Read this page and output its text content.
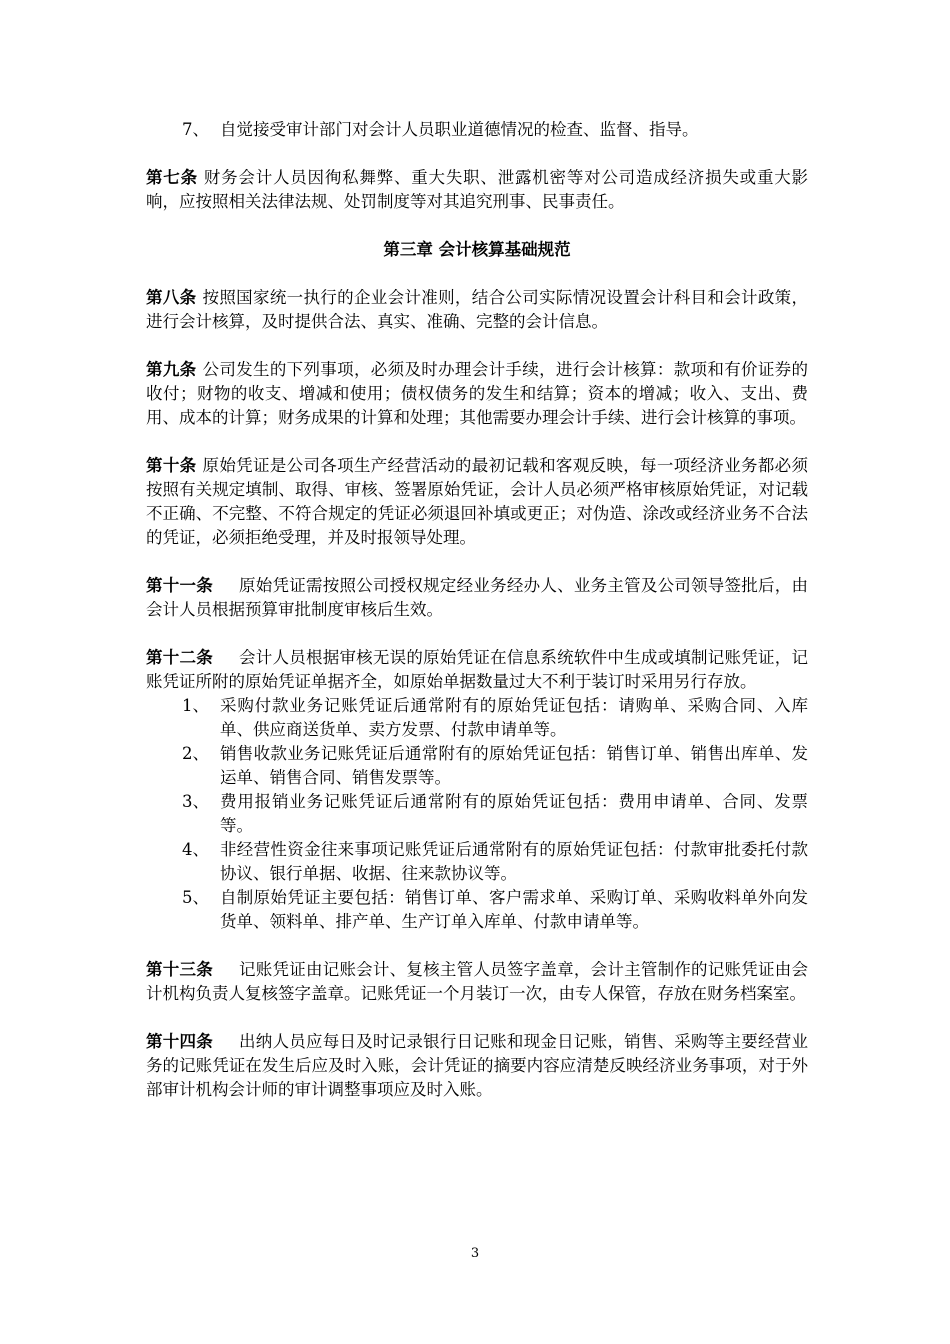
7、 自觉接受审计部门对会计人员职业道德情况的检查、监督、指导。

第七条 财务会计人员因徇私舞弊、重大失职、泄露机密等对公司造成经济损失或重大影响，应按照相关法律法规、处罚制度等对其追究刑事、民事责任。

第三章 会计核算基础规范

第八条 按照国家统一执行的企业会计准则，结合公司实际情况设置会计科目和会计政策，进行会计核算，及时提供合法、真实、准确、完整的会计信息。

第九条 公司发生的下列事项，必须及时办理会计手续，进行会计核算：款项和有价证券的收付；财物的收支、增减和使用；债权债务的发生和结算；资本的增减；收入、支出、费用、成本的计算；财务成果的计算和处理；其他需要办理会计手续、进行会计核算的事项。

第十条 原始凭证是公司各项生产经营活动的最初记载和客观反映，每一项经济业务都必须按照有关规定填制、取得、审核、签署原始凭证，会计人员必须严格审核原始凭证，对记载不正确、不完整、不符合规定的凭证必须退回补填或更正；对伪造、涂改或经济业务不合法的凭证，必须拒绝受理，并及时报领导处理。

第十一条 原始凭证需按照公司授权规定经业务经办人、业务主管及公司领导签批后，由会计人员根据预算审批制度审核后生效。

第十二条 会计人员根据审核无误的原始凭证在信息系统软件中生成或填制记账凭证，记账凭证所附的原始凭证单据齐全，如原始单据数量过大不利于装订时采用另行存放。

1、 采购付款业务记账凭证后通常附有的原始凭证包括：请购单、采购合同、入库单、供应商送货单、卖方发票、付款申请单等。
2、 销售收款业务记账凭证后通常附有的原始凭证包括：销售订单、销售出库单、发运单、销售合同、销售发票等。
3、 费用报销业务记账凭证后通常附有的原始凭证包括：费用申请单、合同、发票等。
4、 非经营性资金往来事项记账凭证后通常附有的原始凭证包括：付款审批委托付款协议、银行单据、收据、往来款协议等。
5、 自制原始凭证主要包括：销售订单、客户需求单、采购订单、采购收料单外向发货单、领料单、排产单、生产订单入库单、付款申请单等。

第十三条 记账凭证由记账会计、复核主管人员签字盖章，会计主管制作的记账凭证由会计机构负责人复核签字盖章。记账凭证一个月装订一次，由专人保管，存放在财务档案室。

第十四条 出纳人员应每日及时记录银行日记账和现金日记账，销售、采购等主要经营业务的记账凭证在发生后应及时入账，会计凭证的摘要内容应清楚反映经济业务事项，对于外部审计机构会计师的审计调整事项应及时入账。

3
